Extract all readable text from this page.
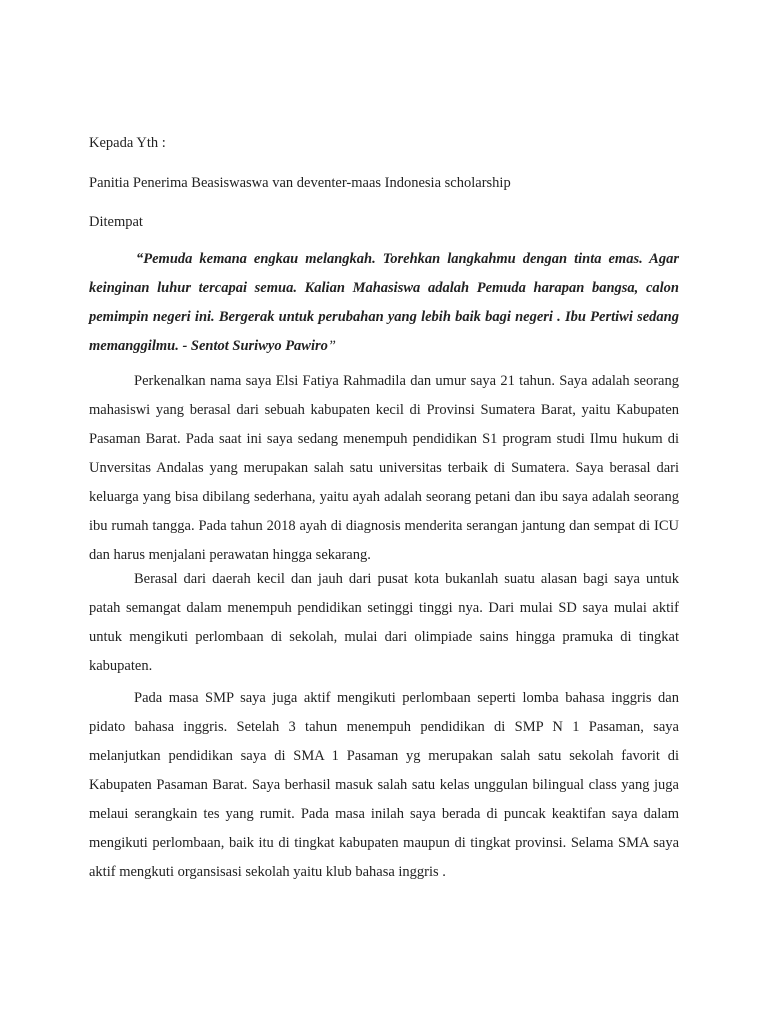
Kepada Yth :
Panitia Penerima Beasiswaswa van deventer-maas Indonesia scholarship
Ditempat

“Pemuda kemana engkau melangkah. Torehkan langkahmu dengan tinta emas. Agar keinginan luhur tercapai semua. Kalian Mahasiswa adalah Pemuda harapan bangsa, calon pemimpin negeri ini. Bergerak untuk perubahan yang lebih baik bagi negeri . Ibu Pertiwi sedang memanggilmu. - Sentot Suriwyo Pawiro”

Perkenalkan nama saya Elsi Fatiya Rahmadila dan umur saya 21 tahun. Saya adalah seorang mahasiswi yang berasal dari sebuah kabupaten kecil di Provinsi Sumatera Barat, yaitu Kabupaten Pasaman Barat. Pada saat ini saya sedang menempuh pendidikan S1 program studi Ilmu hukum di Unversitas Andalas yang merupakan salah satu universitas terbaik di Sumatera. Saya berasal dari keluarga yang bisa dibilang sederhana, yaitu ayah adalah seorang petani dan ibu saya adalah seorang ibu rumah tangga. Pada tahun 2018 ayah di diagnosis menderita serangan jantung dan sempat di ICU dan harus menjalani perawatan hingga sekarang.

Berasal dari daerah kecil dan jauh dari pusat kota bukanlah suatu alasan bagi saya untuk patah semangat dalam menempuh pendidikan setinggi tinggi nya. Dari mulai SD saya mulai aktif untuk mengikuti perlombaan di sekolah, mulai dari olimpiade sains hingga pramuka di tingkat kabupaten.

Pada masa SMP saya juga aktif mengikuti perlombaan seperti lomba bahasa inggris dan pidato bahasa inggris. Setelah 3 tahun menempuh pendidikan di SMP N 1 Pasaman, saya melanjutkan pendidikan saya di SMA 1 Pasaman yg merupakan salah satu sekolah favorit di Kabupaten Pasaman Barat. Saya berhasil masuk salah satu kelas unggulan bilingual class yang juga melaui serangkain tes yang rumit. Pada masa inilah saya berada di puncak keaktifan saya dalam mengikuti perlombaan, baik itu di tingkat kabupaten maupun di tingkat provinsi. Selama SMA saya aktif mengkuti organsisasi sekolah yaitu klub bahasa inggris .
